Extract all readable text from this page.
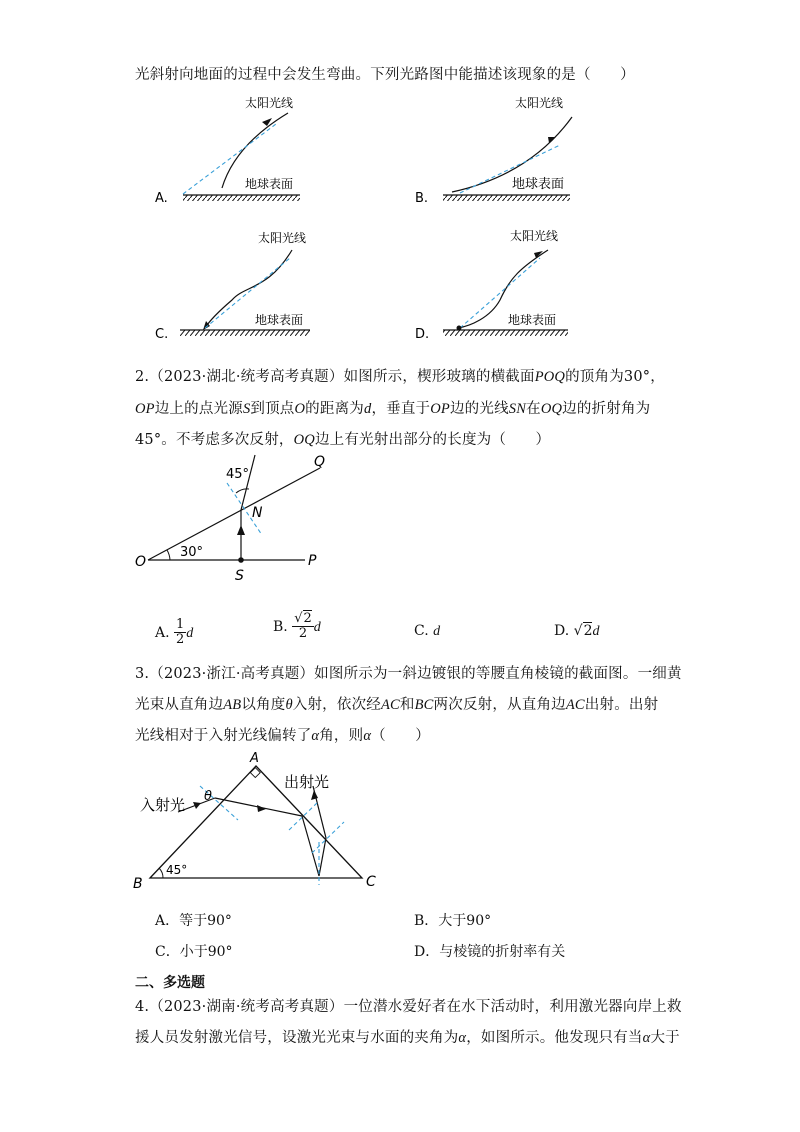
光斜射向地面的过程中会发生弯曲。下列光路图中能描述该现象的是（　　）
A.
太阳光线
地球表面
B.
太阳光线
地球表面
C.
太阳光线
地球表面
D.
太阳光线
地球表面
2.（2023·湖北·统考高考真题）如图所示，楔形玻璃的横截面POQ的顶角为30°，
OP边上的点光源S到顶点O的距离为d，垂直于OP边的光线SN在OQ边的折射角为
45°。不考虑多次反射，OQ边上有光射出部分的长度为（　　）
45°
30°
O	P
Q
S
N
A. $\frac{1}{2}$ d	B. $\frac{√2}{2}$ d	C. d	D. √2d
3.（2023·浙江·高考真题）如图所示为一斜边镀银的等腰直角棱镜的截面图。一细黄
光束从直角边AB以角度θ入射，依次经AC和BC两次反射，从直角边AC出射。出射
光线相对于入射光线偏转了α角，则α（　　）
A
B	C
入射光
出射光
θ
45°
A．等于90°	B．大于90°
C．小于90°	D．与棱镜的折射率有关
二、多选题
4.（2023·湖南·统考高考真题）一位潜水爱好者在水下活动时，利用激光器向岸上救
援人员发射激光信号，设激光光束与水面的夹角为α，如图所示。他发现只有当α大于
